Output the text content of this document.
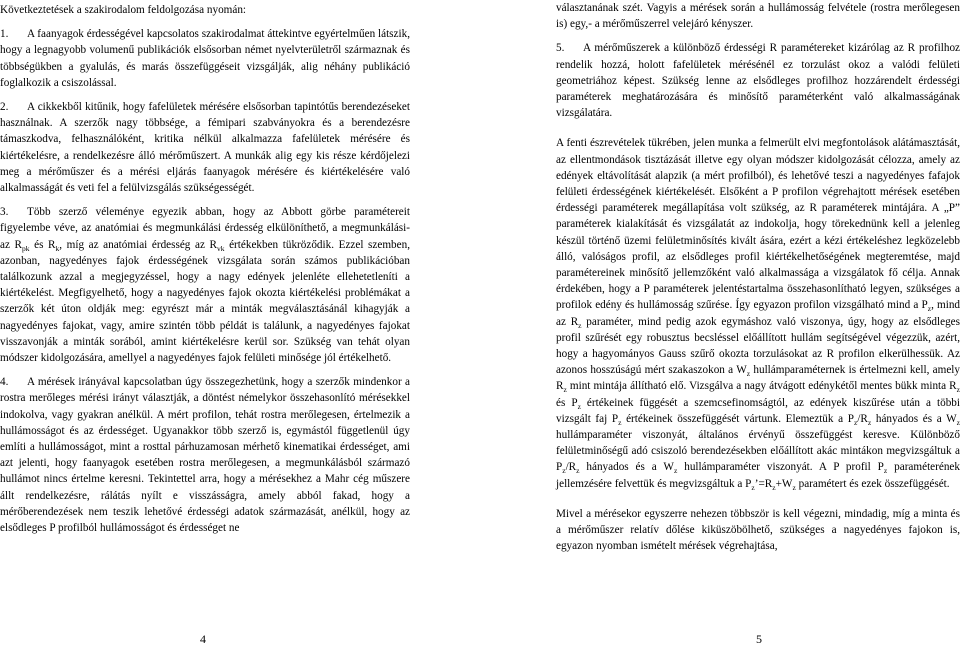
Következtetések a szakirodalom feldolgozása nyomán:

1. A faanyagok érdességével kapcsolatos szakirodalmat áttekintve egyértelműen látszik, hogy a legnagyobb volumenű publikációk elsősorban német nyelvterületről származnak és többségükben a gyalulás, és marás összefüggéseit vizsgálják, alig néhány publikáció foglalkozik a csiszolással.

2. A cikkekből kitűnik, hogy fafelületek mérésére elsősorban tapintótűs berendezéseket használnak. A szerzők nagy többsége, a fémipari szabványokra és a berendezésre támaszkodva, felhasználóként, kritika nélkül alkalmazza fafelületek mérésére és kiértékelésre, a rendelkezésre álló mérőműszert. A munkák alig egy kis része kérdőjelezi meg a mérőműszer és a mérési eljárás faanyagok mérésére és kiértékelésére való alkalmasságát és veti fel a felülvizsgálás szükségességét.

3. Több szerző véleménye egyezik abban, hogy az Abbott görbe paramétereit figyelembe véve, az anatómiai és megmunkálási érdesség elkülöníthető, a megmunkálási- az $R_{pk}$ és $R_k$, míg az anatómiai érdesség az $R_{vk}$ értékekben tükröződik. Ezzel szemben, azonban, nagyedényes fajok érdességének vizsgálata során számos publikációban találkozunk azzal a megjegyzéssel, hogy a nagy edények jelenléte ellehetetleníti a kiértékelést. Megfigyelhető, hogy a nagyedényes fajok okozta kiértékelési problémákat a szerzők két úton oldják meg: egyrészt már a minták megválasztásánál kihagyják a nagyedényes fajokat, vagy, amire szintén több példát is találunk, a nagyedényes fajokat visszavonják a minták sorából, amint kiértékelésre kerül sor. Szükség van tehát olyan módszer kidolgozására, amellyel a nagyedényes fajok felületi minősége jól értékelhető.

4. A mérések irányával kapcsolatban úgy összegezhetünk, hogy a szerzők mindenkor a rostra merőleges mérési irányt választják, a döntést némelykor összehasonlító mérésekkel indokolva, vagy gyakran anélkül. A mért profilon, tehát rostra merőlegesen, értelmezik a hullámosságot és az érdességet. Ugyanakkor több szerző is, egymástól függetlenül úgy említi a hullámosságot, mint a rosttal párhuzamosan mérhető kinematikai érdességet, ami azt jelenti, hogy faanyagok esetében rostra merőlegesen, a megmunkálásból származó hullámot nincs értelme keresni. Tekintettel arra, hogy a mérésekhez a Mahr cég műszere állt rendelkezésre, rálátás nyílt e visszásságra, amely abból fakad, hogy a mérőberendezések nem teszik lehetővé érdességi adatok származását, anélkül, hogy az elsődleges P profilból hullámosságot és érdességet ne

választanának szét. Vagyis a mérések során a hullámosság felvétele (rostra merőlegesen is) egy,- a mérőműszerrel velejáró kényszer.

5. A mérőműszerek a különböző érdességi R paramétereket kizárólag az R profilhoz rendelik hozzá, holott fafelületek mérésénél ez torzulást okoz a valódi felületi geometriához képest. Szükség lenne az elsődleges profilhoz hozzárendelt érdességi paraméterek meghatározására és minősítő paraméterként való alkalmasságának vizsgálatára.

A fenti észrevételek tükrében, jelen munka a felmerült elvi megfontolások alátámasztását, az ellentmondások tisztázását illetve egy olyan módszer kidolgozását célozza, amely az edények eltávolítását alapzik (a mért profilból), és lehetővé teszi a nagyedényes fafajok felületi érdességének kiértékelését. Elsőként a P profilon végrehajtott mérések esetében érdességi paraméterek megállapítása volt szükség, az R paraméterek mintájára. A „P” paraméterek kialakítását és vizsgálatát az indokolja, hogy törekednünk kell a jelenleg készül történő üzemi felületminősítés kivált ására, ezért a kézi értékeléshez legközelebb álló, valóságos profil, az elsődleges profil kiértékelhetőségének megteremtése, majd paramétereinek minősítő jellemzőként való alkalmassága a vizsgálatok fő célja. Annak érdekében, hogy a P paraméterek jelentéstartalma összehasonlítható legyen, szükséges a profilok edény és hullámosság szűrése. Így egyazon profilon vizsgálható mind a $P_z$, mind az $R_z$ paraméter, mind pedig azok egymáshoz való viszonya, úgy, hogy az elsődleges profil szűrését egy robusztus becsléssel előállított hullám segítségével végezzük, azért, hogy a hagyományos Gauss szűrő okozta torzulásokat az R profilon elkerülhessük. Az azonos hosszúságú mért szakaszokon a $W_z$ hullámparaméternek is értelmezni kell, amely $R_z$ mint mintája állítható elő. Vizsgálva a nagy átvágott edénykétől mentes bükk minta $R_z$ és $P_z$ értékeinek függését a szemcsefinomságtól, az edények kiszűrése után a többi vizsgált faj $P_z$ értékeinek összefüggését vártunk. Elemeztük a $P_z/R_z$ hányados és a $W_z$ hullámparaméter viszonyát, általános érvényű összefüggést keresve. Különböző felületminőségű adó csiszoló berendezésekben előállított akác mintákon megvizsgáltuk a $P_z/R_z$ hányados és a $W_z$ hullámparaméter viszonyát. A P profil $P_z$ paraméterének jellemzésére felvettük és megvizsgáltuk a $P_z’=R_z+W_z$ paramétert és ezek összefüggését.

Mivel a mérésekor egyszerre nehezen többször is kell végezni, mindadig, míg a minta és a mérőműszer relatív dőlése kiküszöbölhető, szükséges a nagyedényes fajokon is, egyazon nyomban ismételt mérések végrehajtása,

4	5
